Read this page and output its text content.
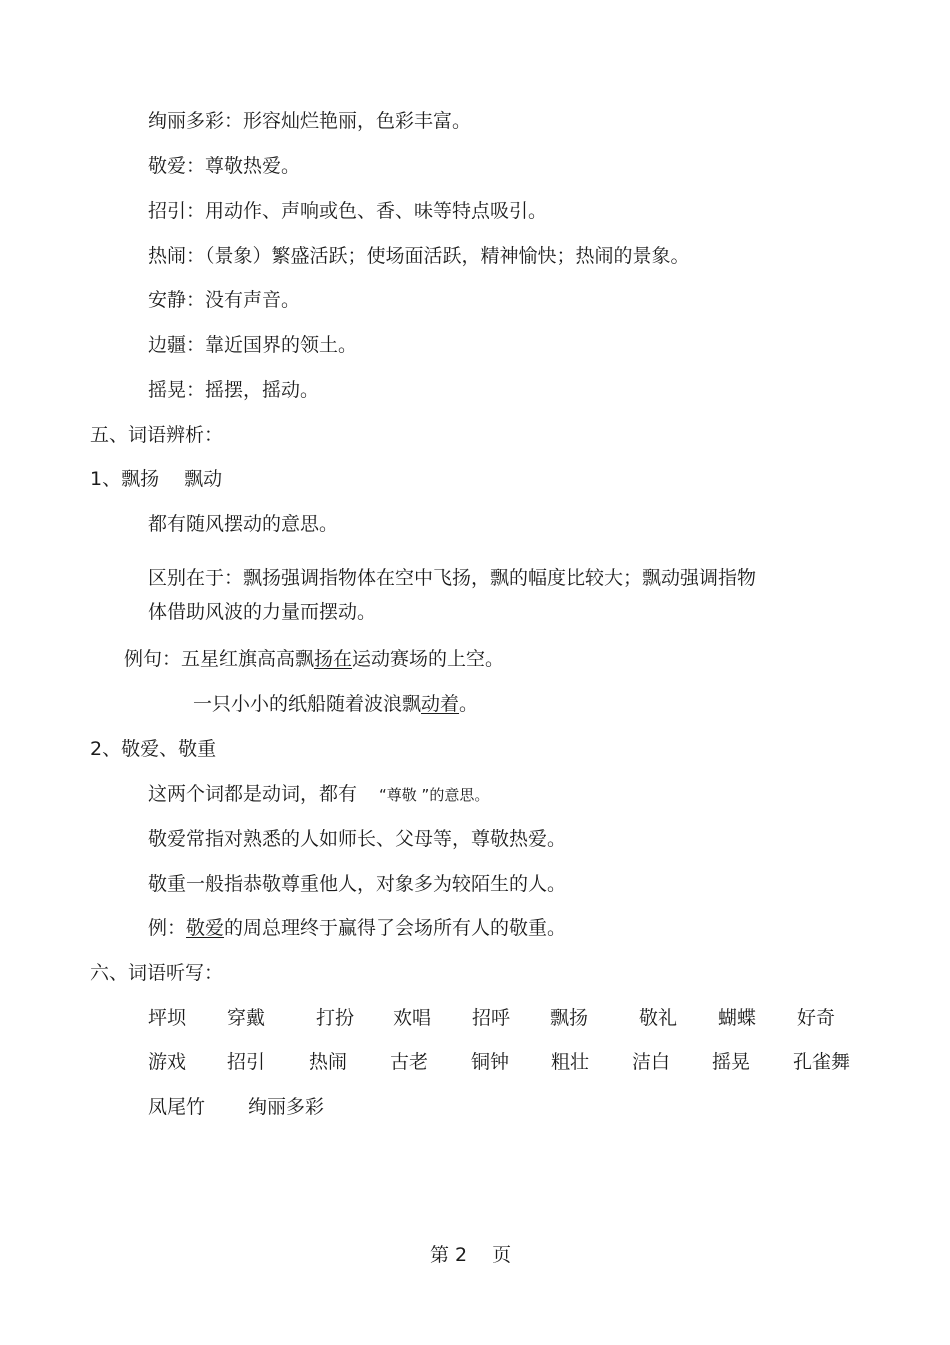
绚丽多彩：形容灿烂艳丽，色彩丰富。
敬爱：尊敬热爱。
招引：用动作、声响或色、香、味等特点吸引。
热闹：（景象）繁盛活跃；使场面活跃，精神愉快；热闹的景象。
安静：没有声音。
边疆：靠近国界的领土。
摇晃：摇摆，摇动。
五、词语辨析：
1、飘扬　 飘动
都有随风摆动的意思。
区别在于：飘扬强调指物体在空中飞扬，飘的幅度比较大；飘动强调指物
体借助风波的力量而摆动。
例句：五星红旗高高飘扬在运动赛场的上空。
一只小小的纸船随着波浪飘动着。
2、敬爱、敬重
这两个词都是动词，都有 “尊敬 ”的意思。
敬爱常指对熟悉的人如师长、父母等，尊敬热爱。
敬重一般指恭敬尊重他人，对象多为较陌生的人。
例：敬爱的周总理终于赢得了会场所有人的敬重。
六、词语听写：
坪坝 穿戴	打扮 欢唱 招呼 飘扬	敬礼 蝴蝶 好奇
游戏 招引 热闹 古老 铜钟 粗壮 洁白 摇晃 孔雀舞
凤尾竹 绚丽多彩
第 2　 页
